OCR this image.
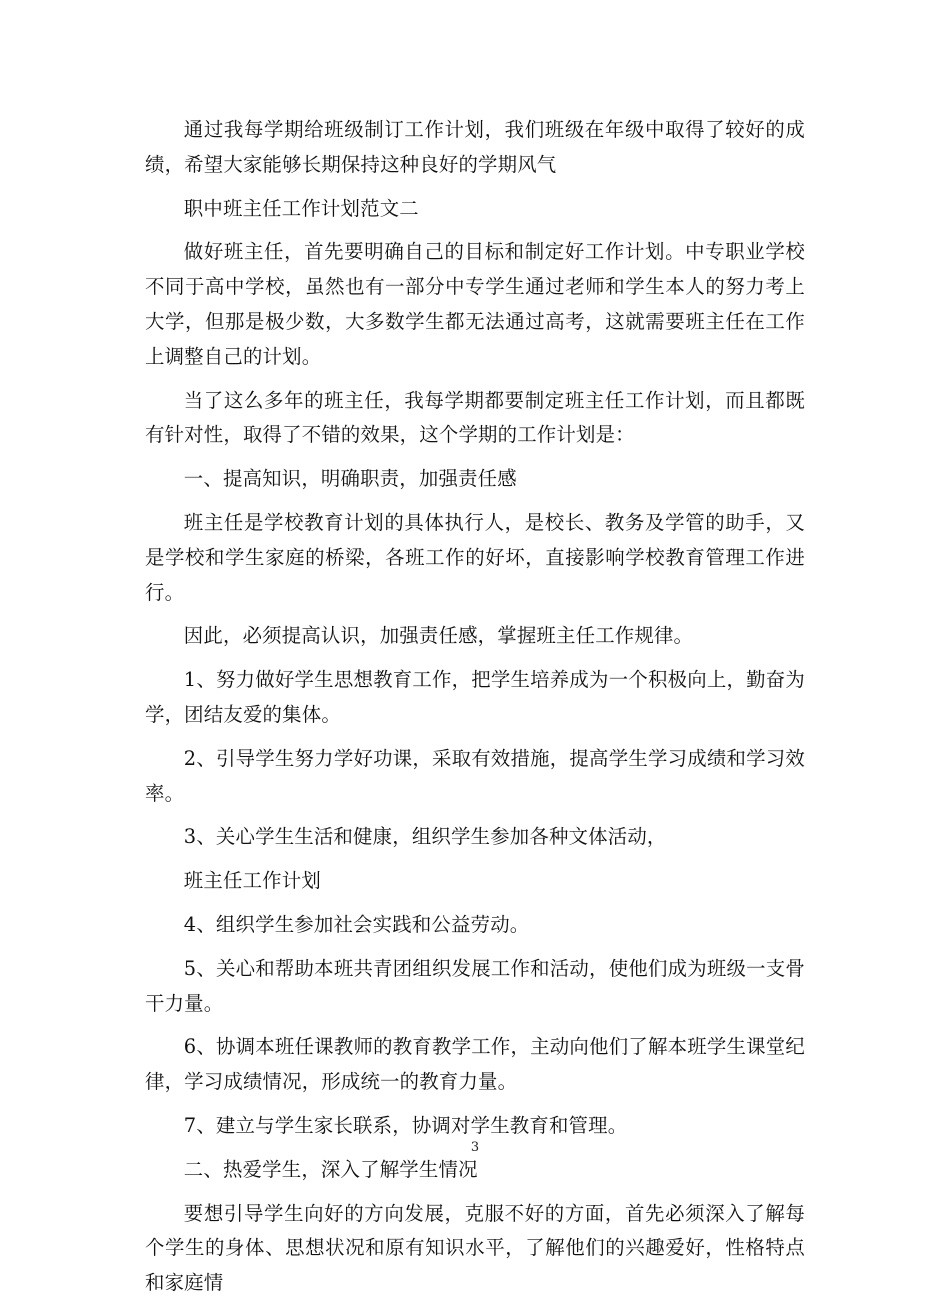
通过我每学期给班级制订工作计划，我们班级在年级中取得了较好的成绩，希望大家能够长期保持这种良好的学期风气

职中班主任工作计划范文二

做好班主任，首先要明确自己的目标和制定好工作计划。中专职业学校不同于高中学校，虽然也有一部分中专学生通过老师和学生本人的努力考上大学，但那是极少数，大多数学生都无法通过高考，这就需要班主任在工作上调整自己的计划。

当了这么多年的班主任，我每学期都要制定班主任工作计划，而且都既有针对性，取得了不错的效果，这个学期的工作计划是：

一、提高知识，明确职责，加强责任感

班主任是学校教育计划的具体执行人，是校长、教务及学管的助手，又是学校和学生家庭的桥梁，各班工作的好坏，直接影响学校教育管理工作进行。

因此，必须提高认识，加强责任感，掌握班主任工作规律。

1、努力做好学生思想教育工作，把学生培养成为一个积极向上，勤奋为学，团结友爱的集体。

2、引导学生努力学好功课，采取有效措施，提高学生学习成绩和学习效率。

3、关心学生生活和健康，组织学生参加各种文体活动，

班主任工作计划

4、组织学生参加社会实践和公益劳动。

5、关心和帮助本班共青团组织发展工作和活动，使他们成为班级一支骨干力量。

6、协调本班任课教师的教育教学工作，主动向他们了解本班学生课堂纪律，学习成绩情况，形成统一的教育力量。

7、建立与学生家长联系，协调对学生教育和管理。

二、热爱学生，深入了解学生情况

要想引导学生向好的方向发展，克服不好的方面，首先必须深入了解每个学生的身体、思想状况和原有知识水平，了解他们的兴趣爱好，性格特点和家庭情

3
